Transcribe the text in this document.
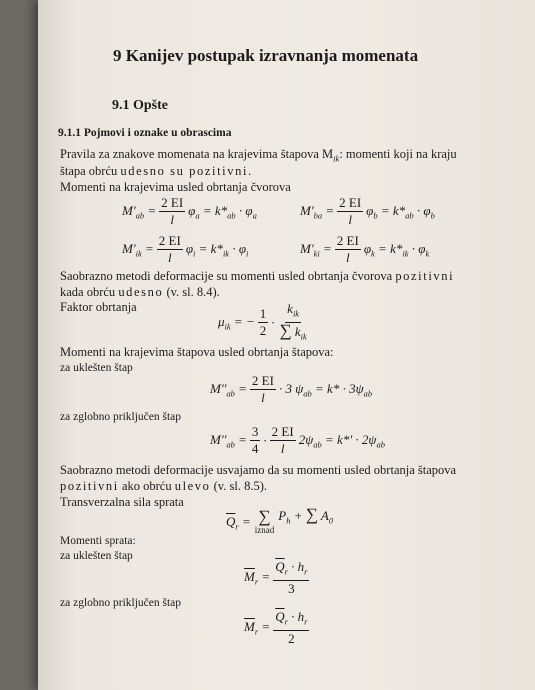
9 Kanijev postupak izravnanja momenata
9.1 Opšte
9.1.1 Pojmovi i oznake u obrascima
Pravila za znakove momenata na krajevima štapova $M_{ik}$: momenti koji na kraju
štapa obrću udesno su pozitivni.
Momenti na krajevima usled obrtanja čvorova
$M'_{ab} = \frac{2 EI}{l} \varphi_a = k*_{ab} \cdot \varphi_a$	$M'_{ba} = \frac{2 EI}{l} \varphi_b = k*_{ab} \cdot \varphi_b$
$M'_{ik} = \frac{2 EI}{l} \varphi_i = k*_{ik} \cdot \varphi_i$	$M'_{ki} = \frac{2 EI}{l} \varphi_k = k*_{ik} \cdot \varphi_k$
Saobrazno metodi deformacije su momenti usled obrtanja čvorova pozitivni
kada obrću udesno (v. sl. 8.4).
Faktor obrtanja
$\mu_{ik}$ = − $\frac{1}{2} \cdot \frac{k_{ik}}{\sum k_{ik}}$
Momenti na krajevima štapova usled obrtanja štapova:
za uklešten štap
$M''_{ab} = \frac{2 EI}{l} \cdot 3$ $\psi_{ab} = k* \cdot 3\psi_{ab}$
za zglobno priključen štap
$M''_{ab} = \frac{3}{4} \cdot \frac{2 EI}{l} 2\psi_{ab} = k*' \cdot 2\psi_{ab}$
Saobrazno metodi deformacije usvajamo da su momenti usled obrtanja štapova
pozitivni ako obrću ulevo (v. sl. 8.5).
Transverzalna sila sprata
$\overline{Q}_r$ = ∑
iznad
$P_h$ + ∑ $A_0$
Momenti sprata:
za uklešten štap
$\overline{M}_r = \frac{\overline{Q}_r \cdot h_r}{3}$
za zglobno priključen štap
$\overline{M}_r = \frac{\overline{Q}_r \cdot h_r}{2}$
